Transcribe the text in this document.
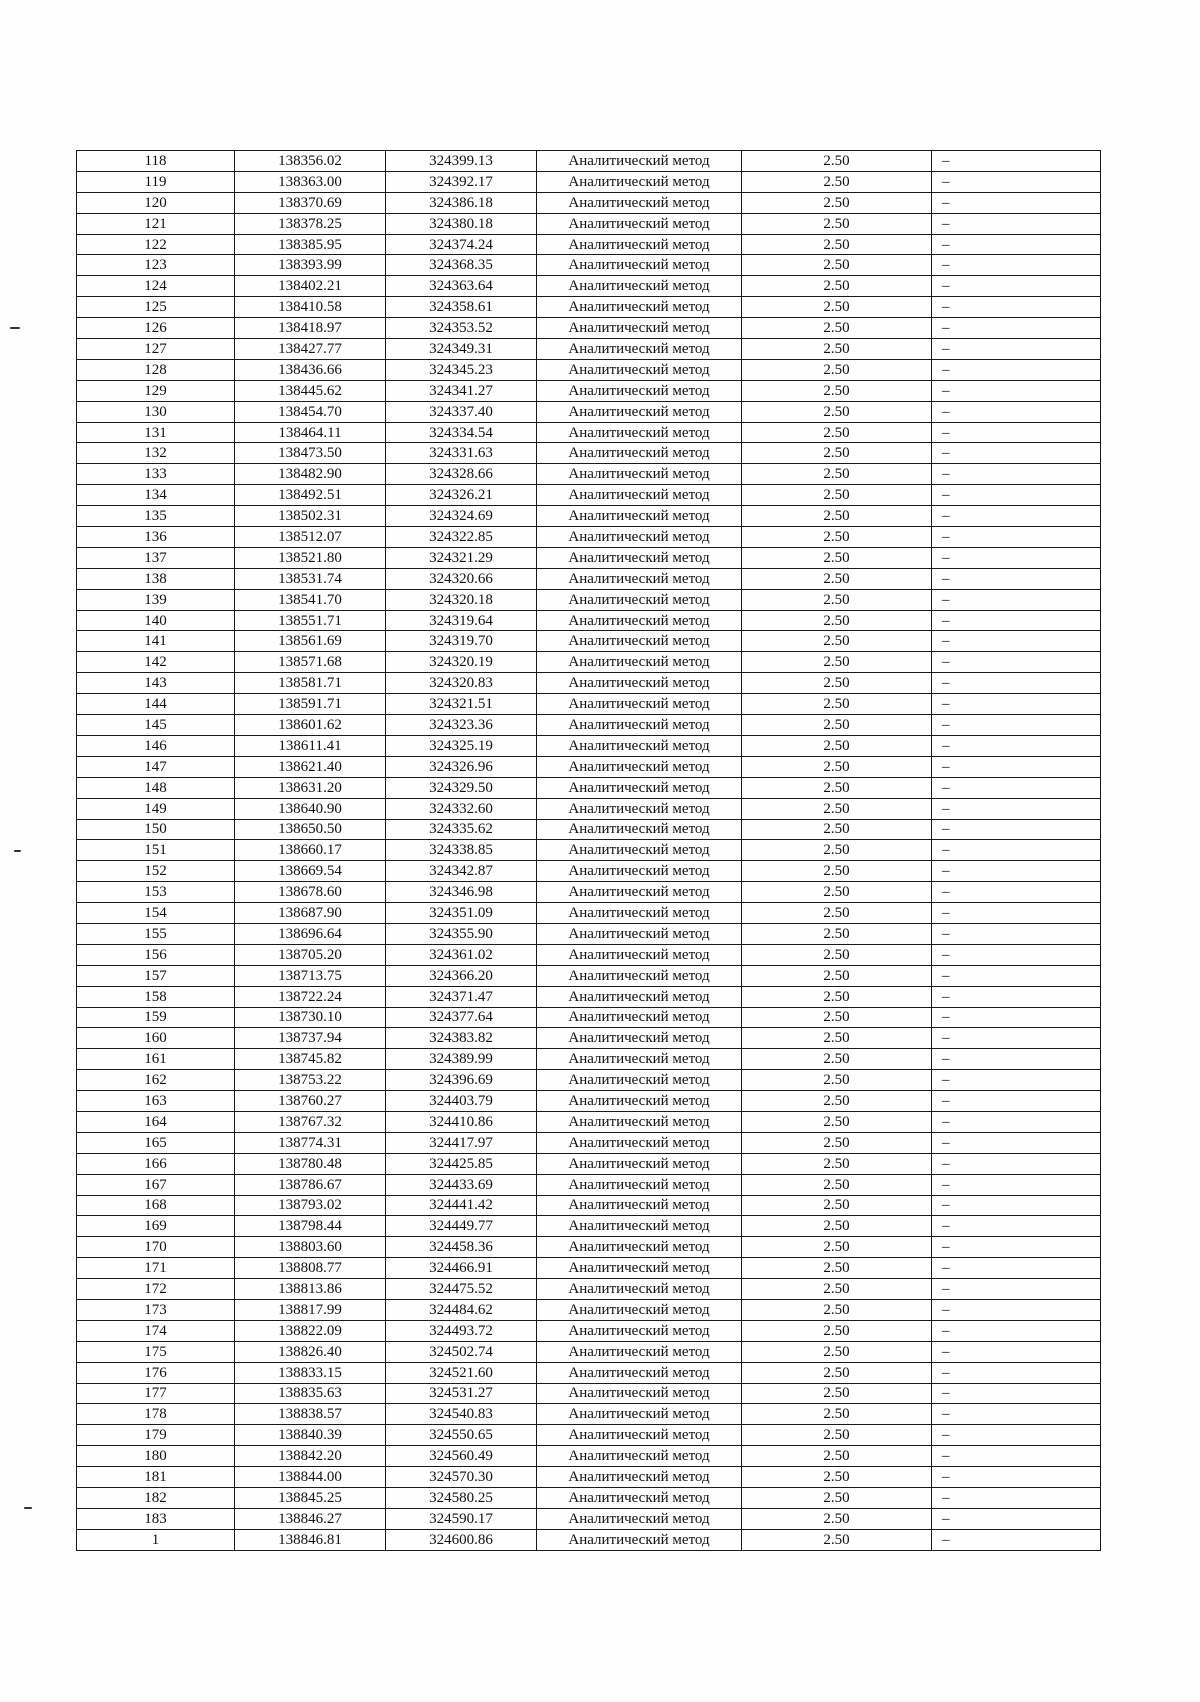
118	138356.02	324399.13	Аналитический метод	2.50	–
119	138363.00	324392.17	Аналитический метод	2.50	–
120	138370.69	324386.18	Аналитический метод	2.50	–
121	138378.25	324380.18	Аналитический метод	2.50	–
122	138385.95	324374.24	Аналитический метод	2.50	–
123	138393.99	324368.35	Аналитический метод	2.50	–
124	138402.21	324363.64	Аналитический метод	2.50	–
125	138410.58	324358.61	Аналитический метод	2.50	–
126	138418.97	324353.52	Аналитический метод	2.50	–
127	138427.77	324349.31	Аналитический метод	2.50	–
128	138436.66	324345.23	Аналитический метод	2.50	–
129	138445.62	324341.27	Аналитический метод	2.50	–
130	138454.70	324337.40	Аналитический метод	2.50	–
131	138464.11	324334.54	Аналитический метод	2.50	–
132	138473.50	324331.63	Аналитический метод	2.50	–
133	138482.90	324328.66	Аналитический метод	2.50	–
134	138492.51	324326.21	Аналитический метод	2.50	–
135	138502.31	324324.69	Аналитический метод	2.50	–
136	138512.07	324322.85	Аналитический метод	2.50	–
137	138521.80	324321.29	Аналитический метод	2.50	–
138	138531.74	324320.66	Аналитический метод	2.50	–
139	138541.70	324320.18	Аналитический метод	2.50	–
140	138551.71	324319.64	Аналитический метод	2.50	–
141	138561.69	324319.70	Аналитический метод	2.50	–
142	138571.68	324320.19	Аналитический метод	2.50	–
143	138581.71	324320.83	Аналитический метод	2.50	–
144	138591.71	324321.51	Аналитический метод	2.50	–
145	138601.62	324323.36	Аналитический метод	2.50	–
146	138611.41	324325.19	Аналитический метод	2.50	–
147	138621.40	324326.96	Аналитический метод	2.50	–
148	138631.20	324329.50	Аналитический метод	2.50	–
149	138640.90	324332.60	Аналитический метод	2.50	–
150	138650.50	324335.62	Аналитический метод	2.50	–
151	138660.17	324338.85	Аналитический метод	2.50	–
152	138669.54	324342.87	Аналитический метод	2.50	–
153	138678.60	324346.98	Аналитический метод	2.50	–
154	138687.90	324351.09	Аналитический метод	2.50	–
155	138696.64	324355.90	Аналитический метод	2.50	–
156	138705.20	324361.02	Аналитический метод	2.50	–
157	138713.75	324366.20	Аналитический метод	2.50	–
158	138722.24	324371.47	Аналитический метод	2.50	–
159	138730.10	324377.64	Аналитический метод	2.50	–
160	138737.94	324383.82	Аналитический метод	2.50	–
161	138745.82	324389.99	Аналитический метод	2.50	–
162	138753.22	324396.69	Аналитический метод	2.50	–
163	138760.27	324403.79	Аналитический метод	2.50	–
164	138767.32	324410.86	Аналитический метод	2.50	–
165	138774.31	324417.97	Аналитический метод	2.50	–
166	138780.48	324425.85	Аналитический метод	2.50	–
167	138786.67	324433.69	Аналитический метод	2.50	–
168	138793.02	324441.42	Аналитический метод	2.50	–
169	138798.44	324449.77	Аналитический метод	2.50	–
170	138803.60	324458.36	Аналитический метод	2.50	–
171	138808.77	324466.91	Аналитический метод	2.50	–
172	138813.86	324475.52	Аналитический метод	2.50	–
173	138817.99	324484.62	Аналитический метод	2.50	–
174	138822.09	324493.72	Аналитический метод	2.50	–
175	138826.40	324502.74	Аналитический метод	2.50	–
176	138833.15	324521.60	Аналитический метод	2.50	–
177	138835.63	324531.27	Аналитический метод	2.50	–
178	138838.57	324540.83	Аналитический метод	2.50	–
179	138840.39	324550.65	Аналитический метод	2.50	–
180	138842.20	324560.49	Аналитический метод	2.50	–
181	138844.00	324570.30	Аналитический метод	2.50	–
182	138845.25	324580.25	Аналитический метод	2.50	–
183	138846.27	324590.17	Аналитический метод	2.50	–
1	138846.81	324600.86	Аналитический метод	2.50	–
